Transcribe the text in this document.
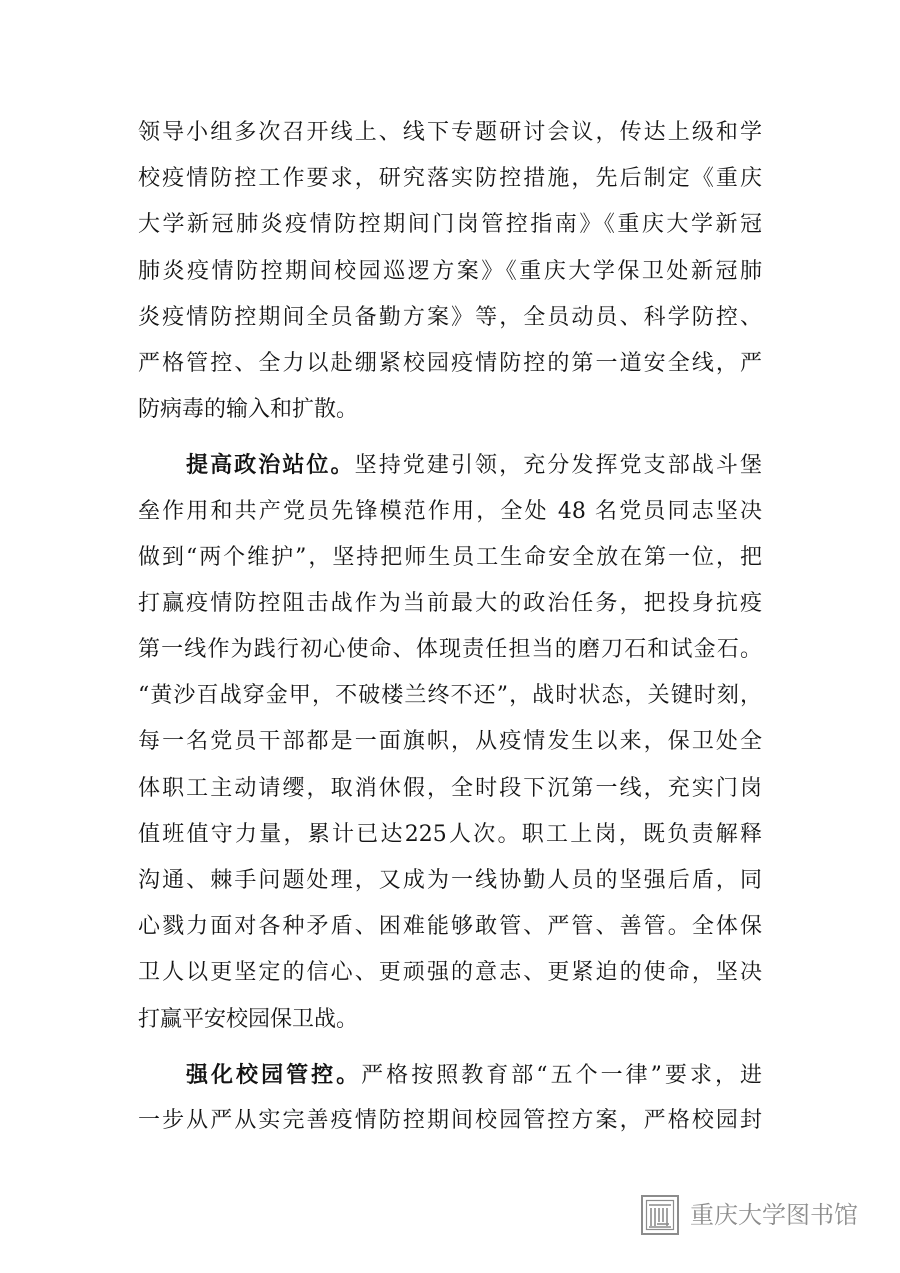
领导小组多次召开线上、线下专题研讨会议，传达上级和学
校疫情防控工作要求，研究落实防控措施，先后制定《重庆
大学新冠肺炎疫情防控期间门岗管控指南》《重庆大学新冠
肺炎疫情防控期间校园巡逻方案》《重庆大学保卫处新冠肺
炎疫情防控期间全员备勤方案》等，全员动员、科学防控、
严格管控、全力以赴绷紧校园疫情防控的第一道安全线，严
防病毒的输入和扩散。
提高政治站位。坚持党建引领，充分发挥党支部战斗堡
垒作用和共产党员先锋模范作用，全处 48 名党员同志坚决
做到“两个维护”，坚持把师生员工生命安全放在第一位，把
打赢疫情防控阻击战作为当前最大的政治任务，把投身抗疫
第一线作为践行初心使命、体现责任担当的磨刀石和试金石。
“黄沙百战穿金甲，不破楼兰终不还”，战时状态，关键时刻，
每一名党员干部都是一面旗帜，从疫情发生以来，保卫处全
体职工主动请缨，取消休假，全时段下沉第一线，充实门岗
值班值守力量，累计已达225人次。职工上岗，既负责解释
沟通、棘手问题处理，又成为一线协勤人员的坚强后盾，同
心戮力面对各种矛盾、困难能够敢管、严管、善管。全体保
卫人以更坚定的信心、更顽强的意志、更紧迫的使命，坚决
打赢平安校园保卫战。
强化校园管控。严格按照教育部“五个一律”要求，进
一步从严从实完善疫情防控期间校园管控方案，严格校园封
重庆大学图书馆
